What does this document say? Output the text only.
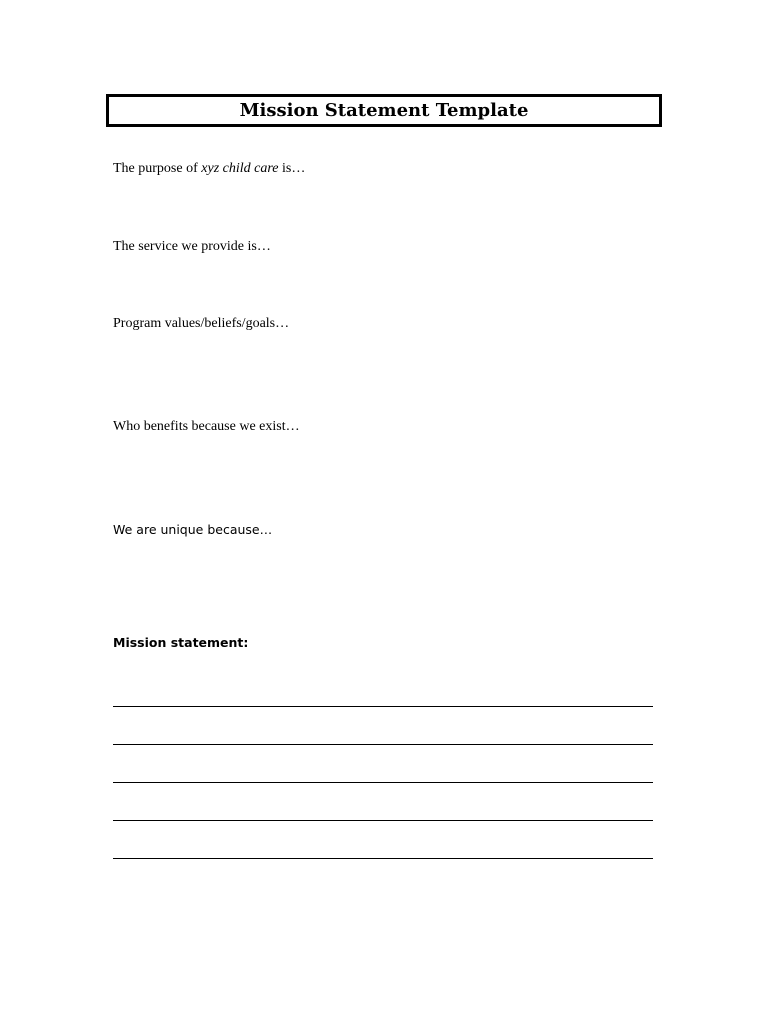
Mission Statement Template
The purpose of xyz child care is…
The service we provide is…
Program values/beliefs/goals…
Who benefits because we exist…
We are unique because…
Mission statement:
